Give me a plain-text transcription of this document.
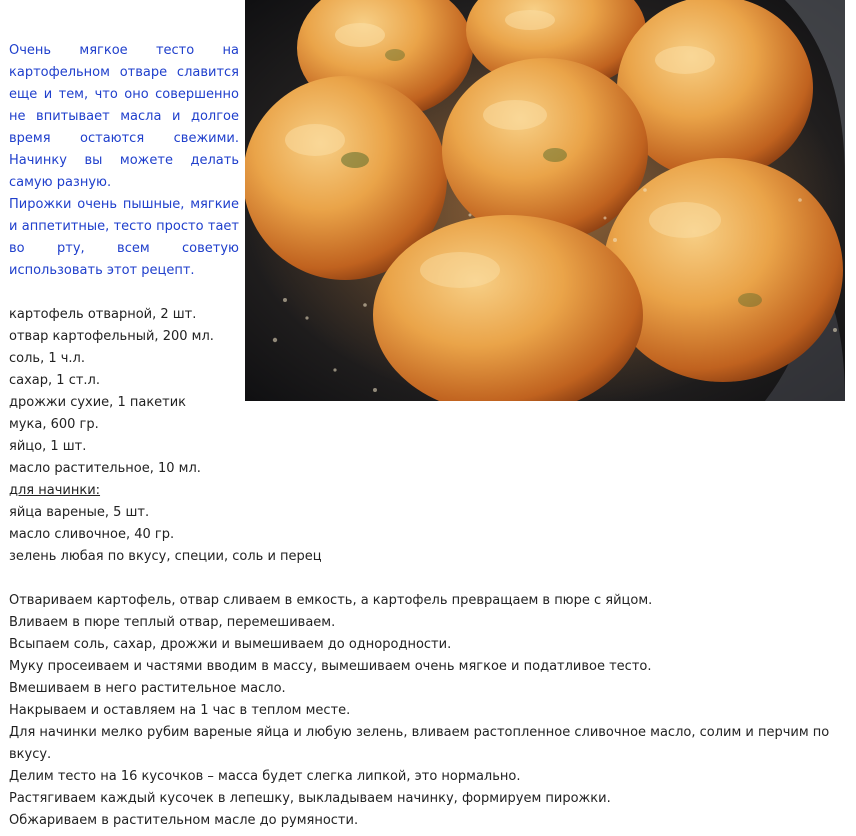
Очень мягкое тесто на картофельном отваре славится еще и тем, что оно совершенно не впитывает масла и долгое время остаются свежими. Начинку вы можете делать самую разную.

Пирожки очень пышные, мягкие и аппетитные, тесто просто тает во рту, всем советую использовать этот рецепт.

картофель отварной, 2 шт.
отвар картофельный, 200 мл.
соль, 1 ч.л.
сахар, 1 ст.л.
дрожжи сухие, 1 пакетик
мука, 600 гр.
яйцо, 1 шт.
масло растительное, 10 мл.
для начинки:
яйца вареные, 5 шт.
масло сливочное, 40 гр.
зелень любая по вкусу, специи, соль и перец
Отвариваем картофель, отвар сливаем в емкость, а картофель превращаем в пюре с яйцом.
Вливаем в пюре теплый отвар, перемешиваем.
Всыпаем соль, сахар, дрожжи и вымешиваем до однородности.
Муку просеиваем и частями вводим в массу, вымешиваем очень мягкое и податливое тесто.
Вмешиваем в него растительное масло.
Накрываем и оставляем на 1 час в теплом месте.
Для начинки мелко рубим вареные яйца и любую зелень, вливаем растопленное сливочное масло, солим и перчим по вкусу.
Делим тесто на 16 кусочков – масса будет слегка липкой, это нормально.
Растягиваем каждый кусочек в лепешку, выкладываем начинку, формируем пирожки.
Обжариваем в растительном масле до румяности.
